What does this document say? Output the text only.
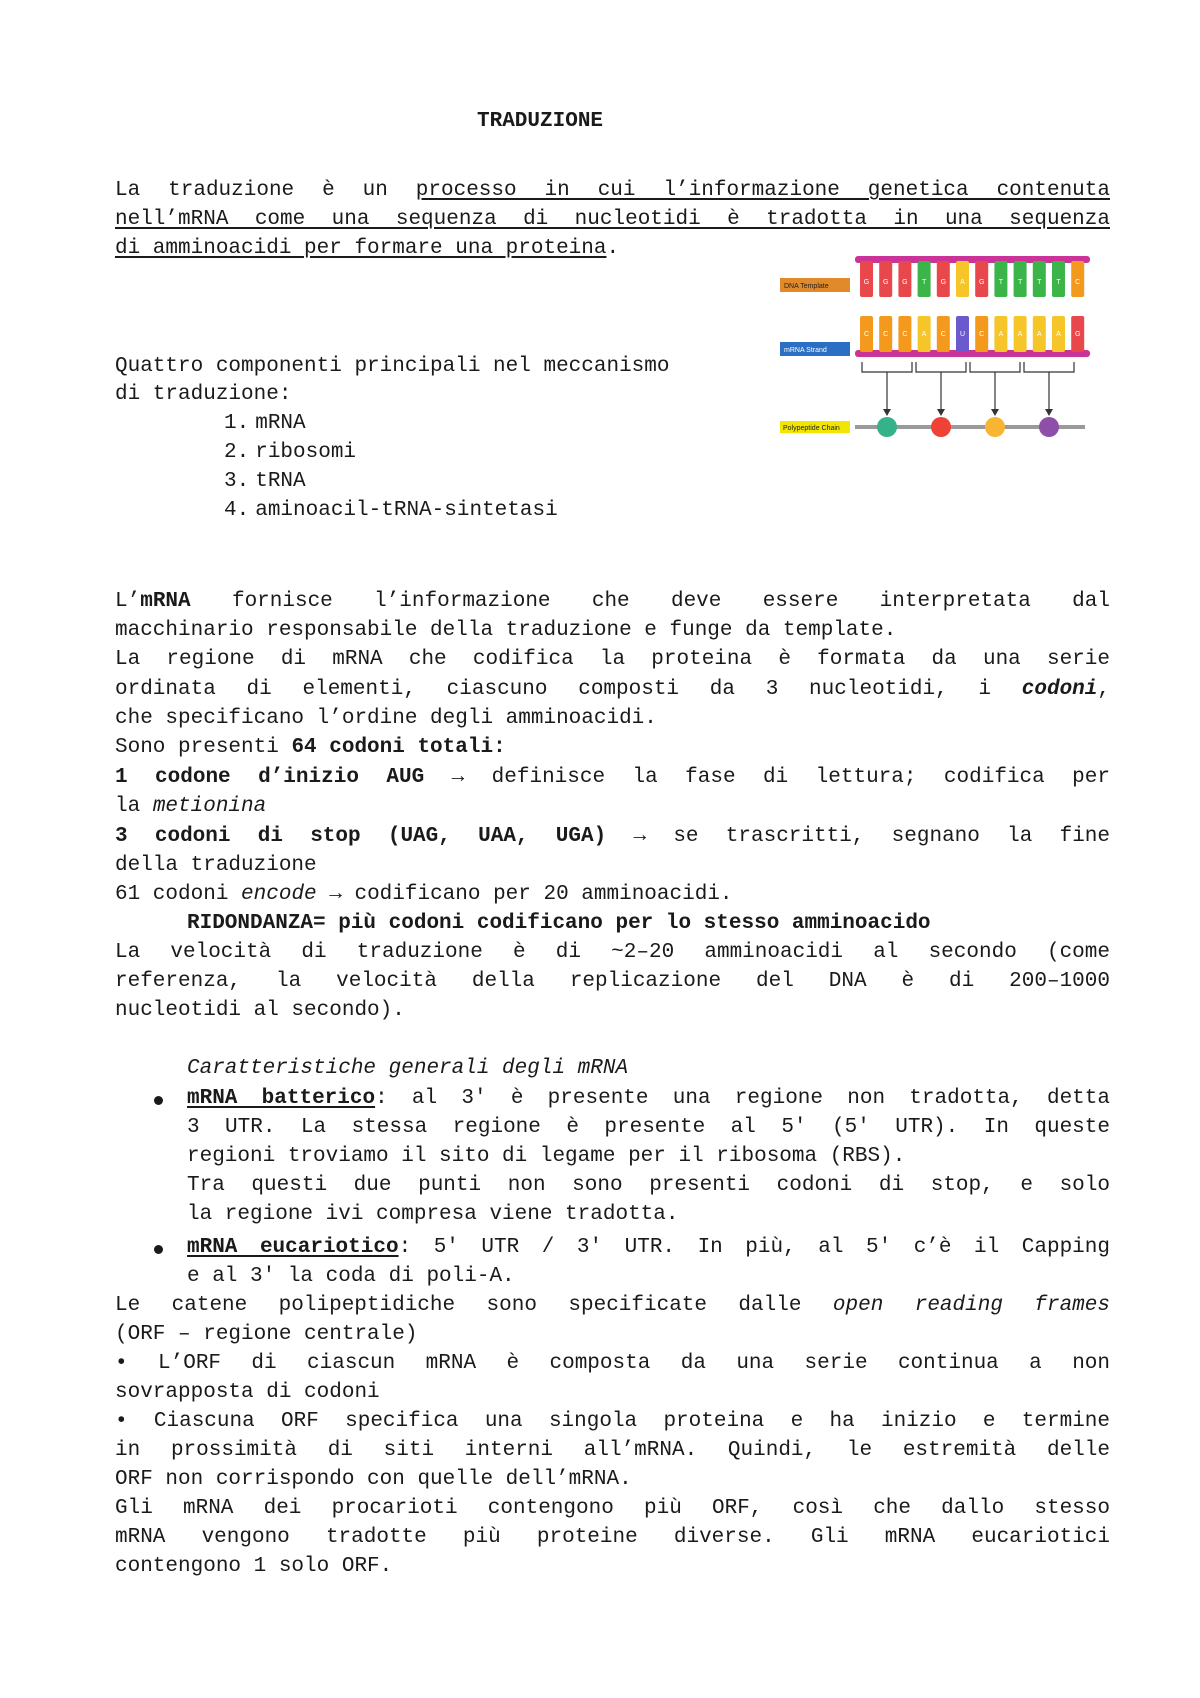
TRADUZIONE
La traduzione è un processo in cui l’informazione genetica contenuta
nell’mRNA come una sequenza di nucleotidi è tradotta in una sequenza
di amminoacidi per formare una proteina.
Quattro componenti principali nel meccanismo
di traduzione:
1. mRNA
2. ribosomi
3. tRNA
4. aminoacil-tRNA-sintetasi
DNA Template
mRNA Strand
Polypeptide Chain
G G G T G A G T T T T C
C C C A C U C A A A A G
L’mRNA fornisce l’informazione che deve essere interpretata dal
macchinario responsabile della traduzione e funge da template.
La regione di mRNA che codifica la proteina è formata da una serie
ordinata di elementi, ciascuno composti da 3 nucleotidi, i codoni,
che specificano l’ordine degli amminoacidi.
Sono presenti 64 codoni totali:
1 codone d’inizio AUG → definisce la fase di lettura; codifica per
la metionina
3 codoni di stop (UAG, UAA, UGA) → se trascritti, segnano la fine
della traduzione
61 codoni encode → codificano per 20 amminoacidi.
RIDONDANZA= più codoni codificano per lo stesso amminoacido
La velocità di traduzione è di ~2–20 amminoacidi al secondo (come
referenza, la velocità della replicazione del DNA è di 200–1000
nucleotidi al secondo).
Caratteristiche generali degli mRNA
mRNA batterico: al 3′ è presente una regione non tradotta, detta
3 UTR. La stessa regione è presente al 5′ (5′ UTR). In queste
regioni troviamo il sito di legame per il ribosoma (RBS).
Tra questi due punti non sono presenti codoni di stop, e solo
la regione ivi compresa viene tradotta.
mRNA eucariotico: 5′ UTR / 3′ UTR. In più, al 5′ c’è il Capping
e al 3′ la coda di poli-A.
Le catene polipeptidiche sono specificate dalle open reading frames
(ORF – regione centrale)
• L’ORF di ciascun mRNA è composta da una serie continua a non
sovrapposta di codoni
• Ciascuna ORF specifica una singola proteina e ha inizio e termine
in prossimità di siti interni all’mRNA. Quindi, le estremità delle
ORF non corrispondo con quelle dell’mRNA.
Gli mRNA dei procarioti contengono più ORF, così che dallo stesso
mRNA vengono tradotte più proteine diverse. Gli mRNA eucariotici
contengono 1 solo ORF.
